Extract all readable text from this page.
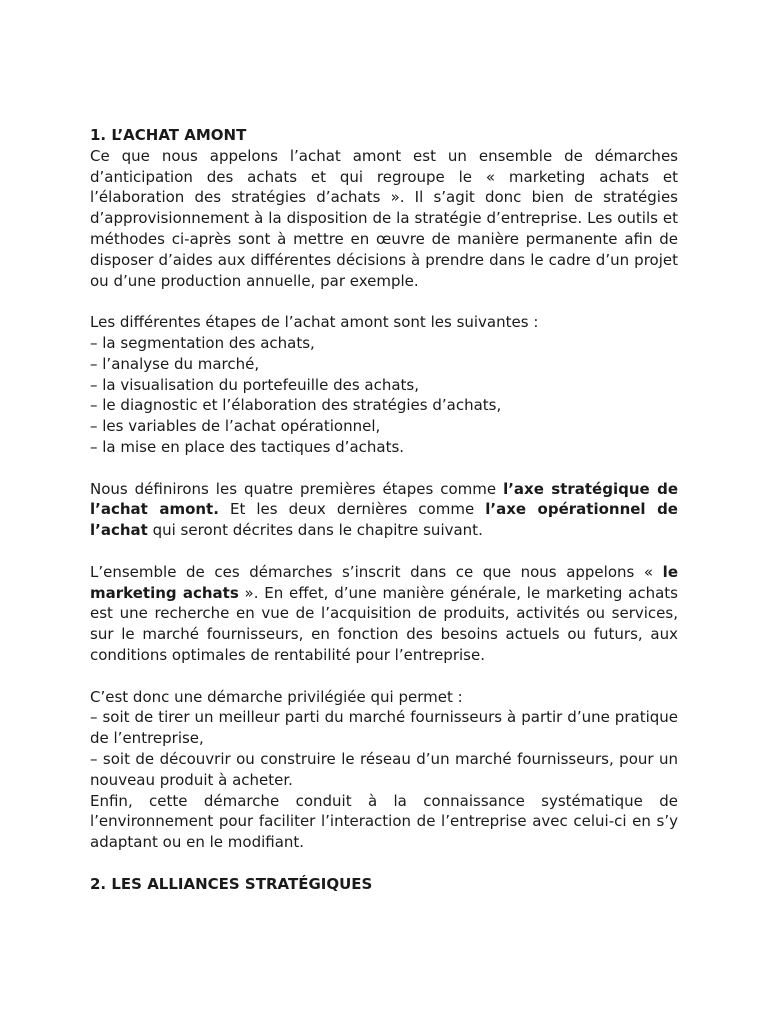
1. L’ACHAT AMONT

Ce que nous appelons l’achat amont est un ensemble de démarches d’anticipation des achats et qui regroupe le « marketing achats et l’élaboration des stratégies d’achats ». Il s’agit donc bien de stratégies d’approvisionnement à la disposition de la stratégie d’entreprise. Les outils et méthodes ci-après sont à mettre en œuvre de manière permanente afin de disposer d’aides aux différentes décisions à prendre dans le cadre d’un projet ou d’une production annuelle, par exemple.

Les différentes étapes de l’achat amont sont les suivantes :

– la segmentation des achats,
– l’analyse du marché,
– la visualisation du portefeuille des achats,
– le diagnostic et l’élaboration des stratégies d’achats,
– les variables de l’achat opérationnel,
– la mise en place des tactiques d’achats.

Nous définirons les quatre premières étapes comme l’axe stratégique de l’achat amont. Et les deux dernières comme l’axe opérationnel de l’achat qui seront décrites dans le chapitre suivant.

L’ensemble de ces démarches s’inscrit dans ce que nous appelons « le marketing achats ». En effet, d’une manière générale, le marketing achats est une recherche en vue de l’acquisition de produits, activités ou services, sur le marché fournisseurs, en fonction des besoins actuels ou futurs, aux conditions optimales de rentabilité pour l’entreprise.

C’est donc une démarche privilégiée qui permet :

– soit de tirer un meilleur parti du marché fournisseurs à partir d’une pratique de l’entreprise,

– soit de découvrir ou construire le réseau d’un marché fournisseurs, pour un nouveau produit à acheter.

Enfin, cette démarche conduit à la connaissance systématique de l’environnement pour faciliter l’interaction de l’entreprise avec celui-ci en s’y adaptant ou en le modifiant.

2. LES ALLIANCES STRATÉGIQUES
